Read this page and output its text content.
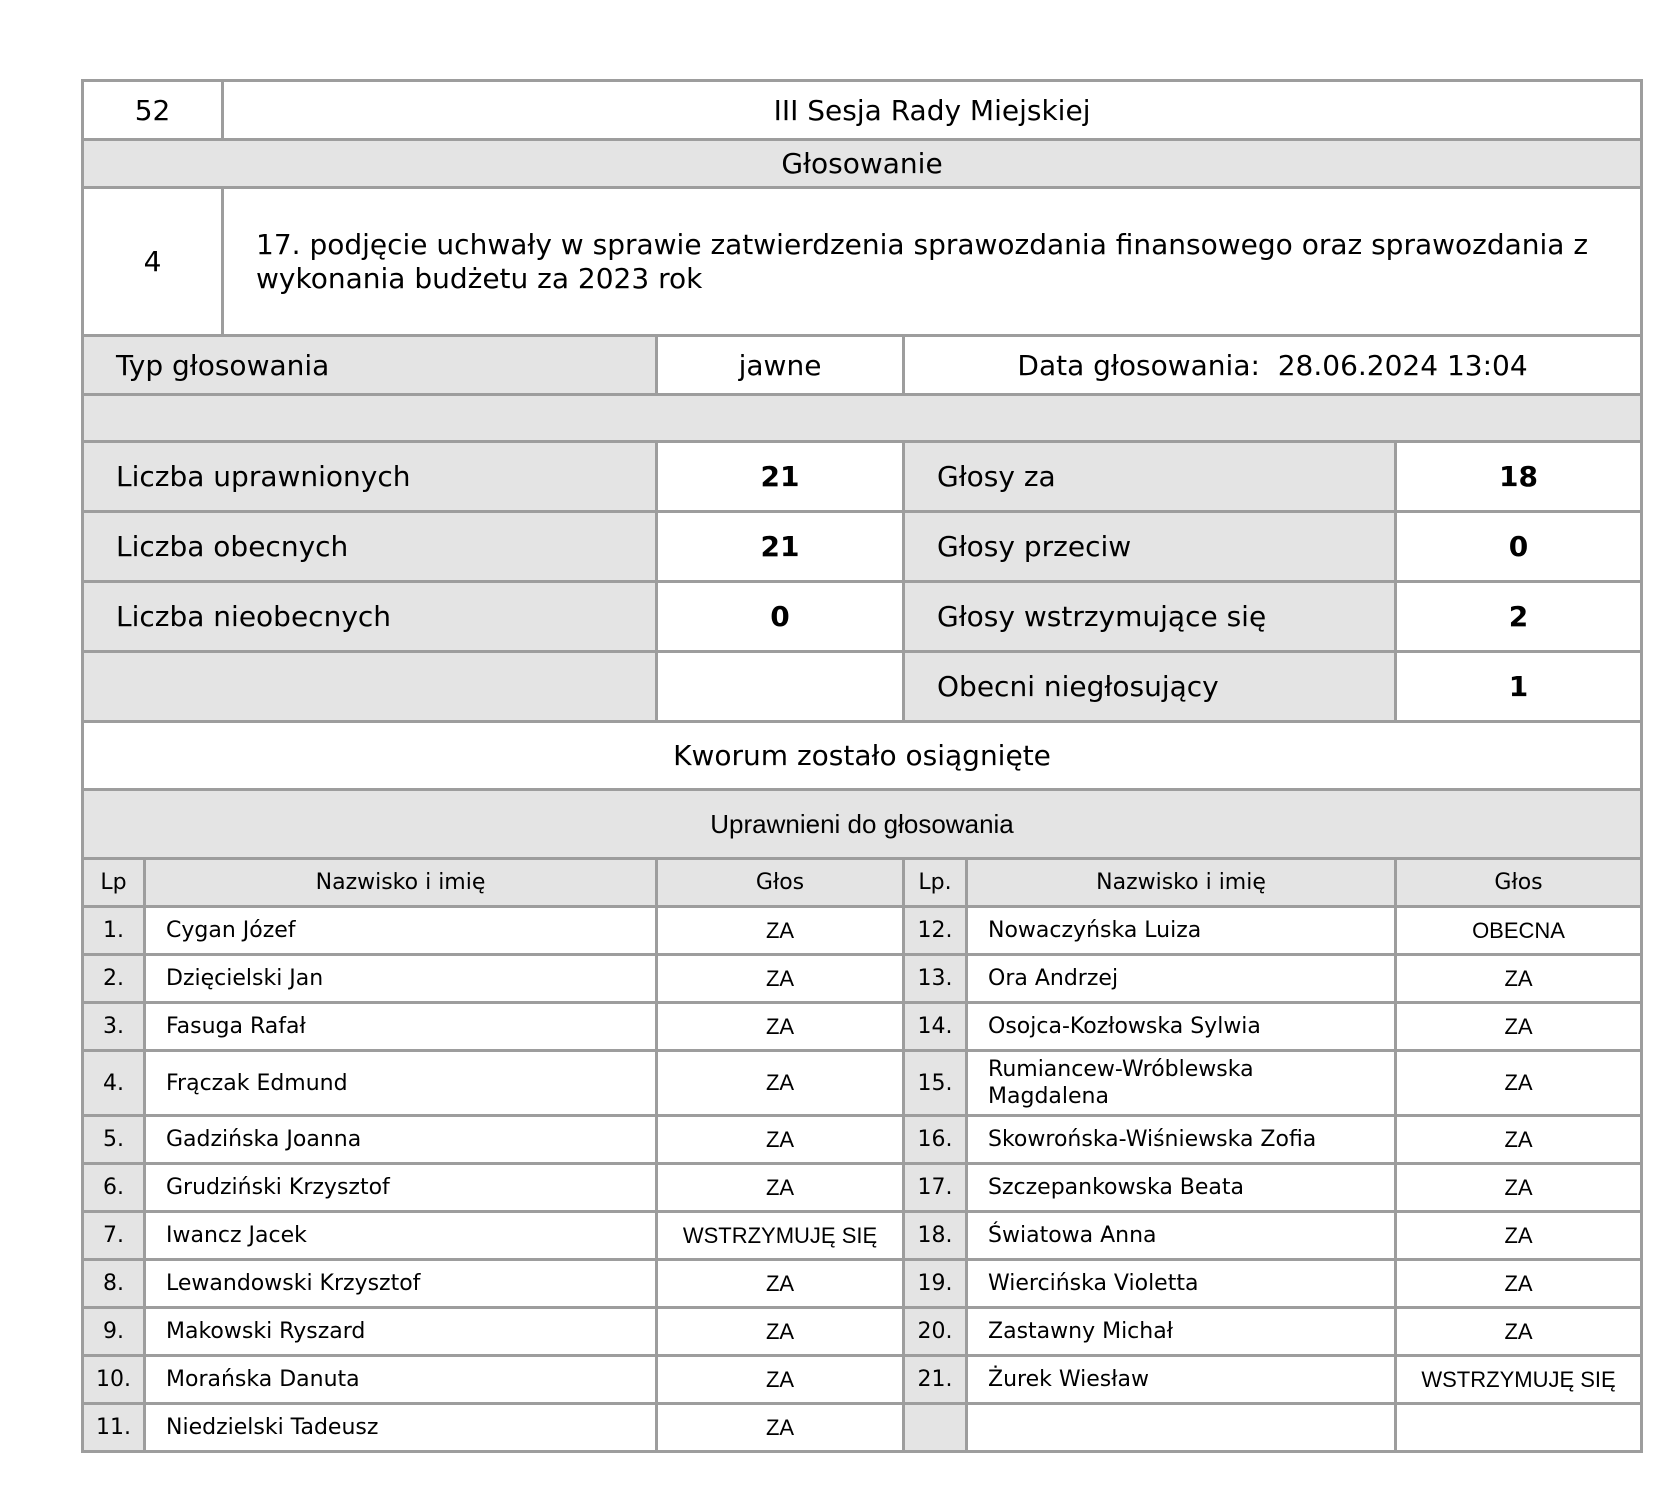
52		III Sesja Rady Miejskiej				
Głosowanie						
4		17. podjęcie uchwały w sprawie zatwierdzenia sprawozdania finansowego oraz sprawozdania z wykonania budżetu za 2023 rok				
Typ głosowania			jawne	Data głosowania: 28.06.2024 13:04		

Liczba uprawnionych			21	Głosy za		18
Liczba obecnych			21	Głosy przeciw		0
Liczba nieobecnych			0	Głosy wstrzymujące się		2
				Obecni niegłosujący		1
Kworum zostało osiągnięte						
Uprawnieni do głosowania						
Lp	Nazwisko i imię		Głos	Lp.	Nazwisko i imię	Głos
1.	Cygan Józef		ZA	12.	Nowaczyńska Luiza	OBECNA
2.	Dzięcielski Jan		ZA	13.	Ora Andrzej	ZA
3.	Fasuga Rafał		ZA	14.	Osojca-Kozłowska Sylwia	ZA
4.	Frączak Edmund		ZA	15.	Rumiancew-Wróblewska Magdalena	ZA
5.	Gadzińska Joanna		ZA	16.	Skowrońska-Wiśniewska Zofia	ZA
6.	Grudziński Krzysztof		ZA	17.	Szczepankowska Beata	ZA
7.	Iwancz Jacek		WSTRZYMUJĘ SIĘ	18.	Światowa Anna	ZA
8.	Lewandowski Krzysztof		ZA	19.	Wiercińska Violetta	ZA
9.	Makowski Ryszard		ZA	20.	Zastawny Michał	ZA
10.	Morańska Danuta		ZA	21.	Żurek Wiesław	WSTRZYMUJĘ SIĘ
11.	Niedzielski Tadeusz		ZA			
